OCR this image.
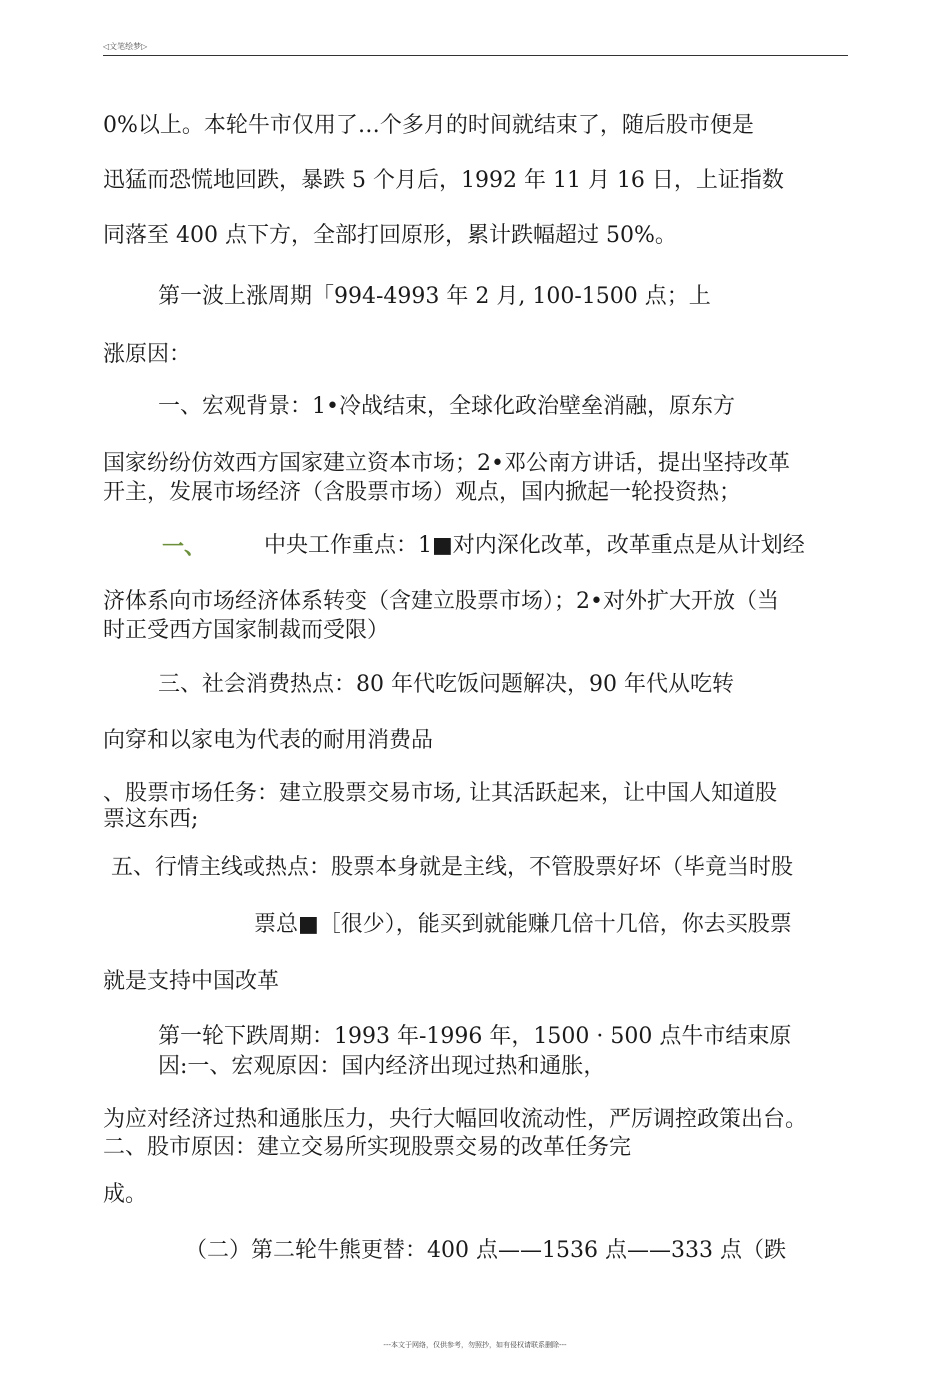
◁文笔绘梦▷
0%以上。本轮牛市仅用了…个多月的时间就结束了，随后股市便是
迅猛而恐慌地回跌，暴跌 5 个月后，1992 年 11 月 16 日，上证指数
同落至 400 点下方，全部打回原形，累计跌幅超过 50%。
第一波上涨周期「994-4993 年 2 月, 100-1500 点；上
涨原因：
一、宏观背景：1•冷战结束，全球化政治壁垒消融，原东方
国家纷纷仿效西方国家建立资本市场；2•邓公南方讲话，提出坚持改革
开主，发展市场经济（含股票市场）观点，国内掀起一轮投资热；
一、	中央工作重点：1■对内深化改革，改革重点是从计划经
济体系向市场经济体系转变（含建立股票市场）；2•对外扩大开放（当
时正受西方国家制裁而受限）
三、社会消费热点：80 年代吃饭问题解决，90 年代从吃转
向穿和以家电为代表的耐用消费品
、股票市场任务：建立股票交易市场, 让其活跃起来，让中国人知道股
票这东西;
五、行情主线或热点：股票本身就是主线，不管股票好坏（毕竟当时股
票总■［很少），能买到就能赚几倍十几倍，你去买股票
就是支持中国改革
第一轮下跌周期：1993 年-1996 年，1500 · 500 点牛市结束原
因:一、宏观原因：国内经济出现过热和通胀，
为应对经济过热和通胀压力，央行大幅回收流动性，严厉调控政策出台。
二、股市原因：建立交易所实现股票交易的改革任务完
成。
（二）第二轮牛熊更替：400 点——1536 点——333 点（跌
---本文于网络，仅供参考，勿照抄，如有侵权请联系删除---
